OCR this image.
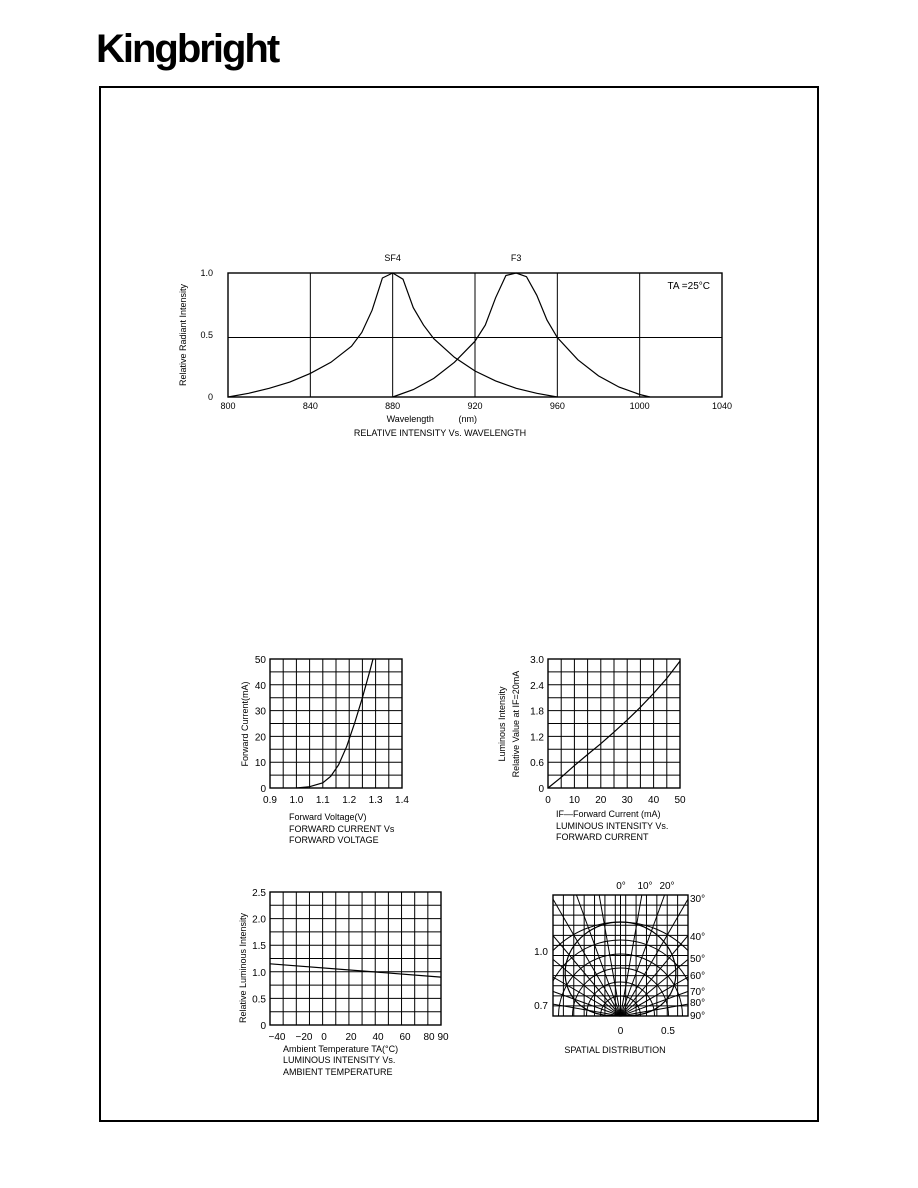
Kingbright
800	840	880	920	960	1000	1040
0
0.5
1.0
SF4	F3
TA =25°C
Wavelength	(nm)
RELATIVE INTENSITY Vs. WAVELENGTH
Relative Radiant Intensity
0
10
20
30
40
50
0.9 1.0 1.1 1.2 1.3 1.4
Forward Current(mA)
Forward Voltage(V)
FORWARD CURRENT Vs
FORWARD VOLTAGE
0
0.6
1.2
1.8
2.4
3.0
0 10 20 30 40 50
Luminous Intensity Relative Value at IF=20mA
IF—Forward Current (mA)
LUMINOUS INTENSITY Vs.
FORWARD CURRENT
0
0.5
1.0
1.5
2.0
2.5
−40 −20 0 20 40 60 80 90
Relative Luminous Intensity
Ambient Temperature TA(°C)
LUMINOUS INTENSITY Vs.
AMBIENT TEMPERATURE
0° 10° 20°
30°
40°
50°
60°
70°
80°
90°
1.0
0.7
0	0.5
SPATIAL DISTRIBUTION
